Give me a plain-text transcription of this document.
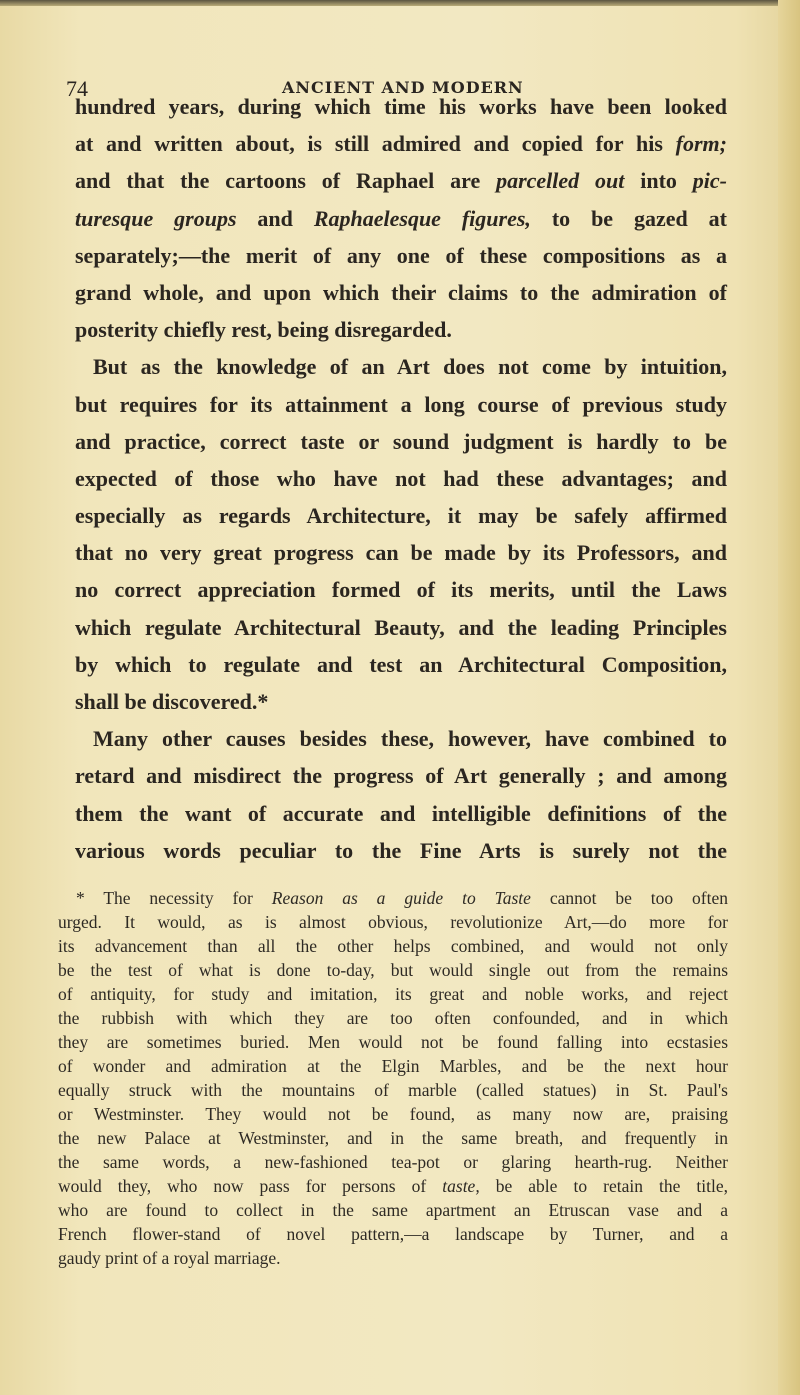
74	ANCIENT AND MODERN
hundred years, during which time his works have been looked
at and written about, is still admired and copied for his form;
and that the cartoons of Raphael are parcelled out into pic-
turesque groups and Raphaelesque figures, to be gazed at
separately;—the merit of any one of these compositions as a
grand whole, and upon which their claims to the admiration of
posterity chiefly rest, being disregarded.
But as the knowledge of an Art does not come by intuition,
but requires for its attainment a long course of previous study
and practice, correct taste or sound judgment is hardly to be
expected of those who have not had these advantages; and
especially as regards Architecture, it may be safely affirmed
that no very great progress can be made by its Professors, and
no correct appreciation formed of its merits, until the Laws
which regulate Architectural Beauty, and the leading Principles
by which to regulate and test an Architectural Composition,
shall be discovered.*
Many other causes besides these, however, have combined to
retard and misdirect the progress of Art generally ; and among
them the want of accurate and intelligible definitions of the
various words peculiar to the Fine Arts is surely not the
* The necessity for Reason as a guide to Taste cannot be too often
urged. It would, as is almost obvious, revolutionize Art,—do more for
its advancement than all the other helps combined, and would not only
be the test of what is done to-day, but would single out from the remains
of antiquity, for study and imitation, its great and noble works, and reject
the rubbish with which they are too often confounded, and in which
they are sometimes buried. Men would not be found falling into ecstasies
of wonder and admiration at the Elgin Marbles, and be the next hour
equally struck with the mountains of marble (called statues) in St. Paul's
or Westminster. They would not be found, as many now are, praising
the new Palace at Westminster, and in the same breath, and frequently in
the same words, a new-fashioned tea-pot or glaring hearth-rug. Neither
would they, who now pass for persons of taste, be able to retain the title,
who are found to collect in the same apartment an Etruscan vase and a
French flower-stand of novel pattern,—a landscape by Turner, and a
gaudy print of a royal marriage.
